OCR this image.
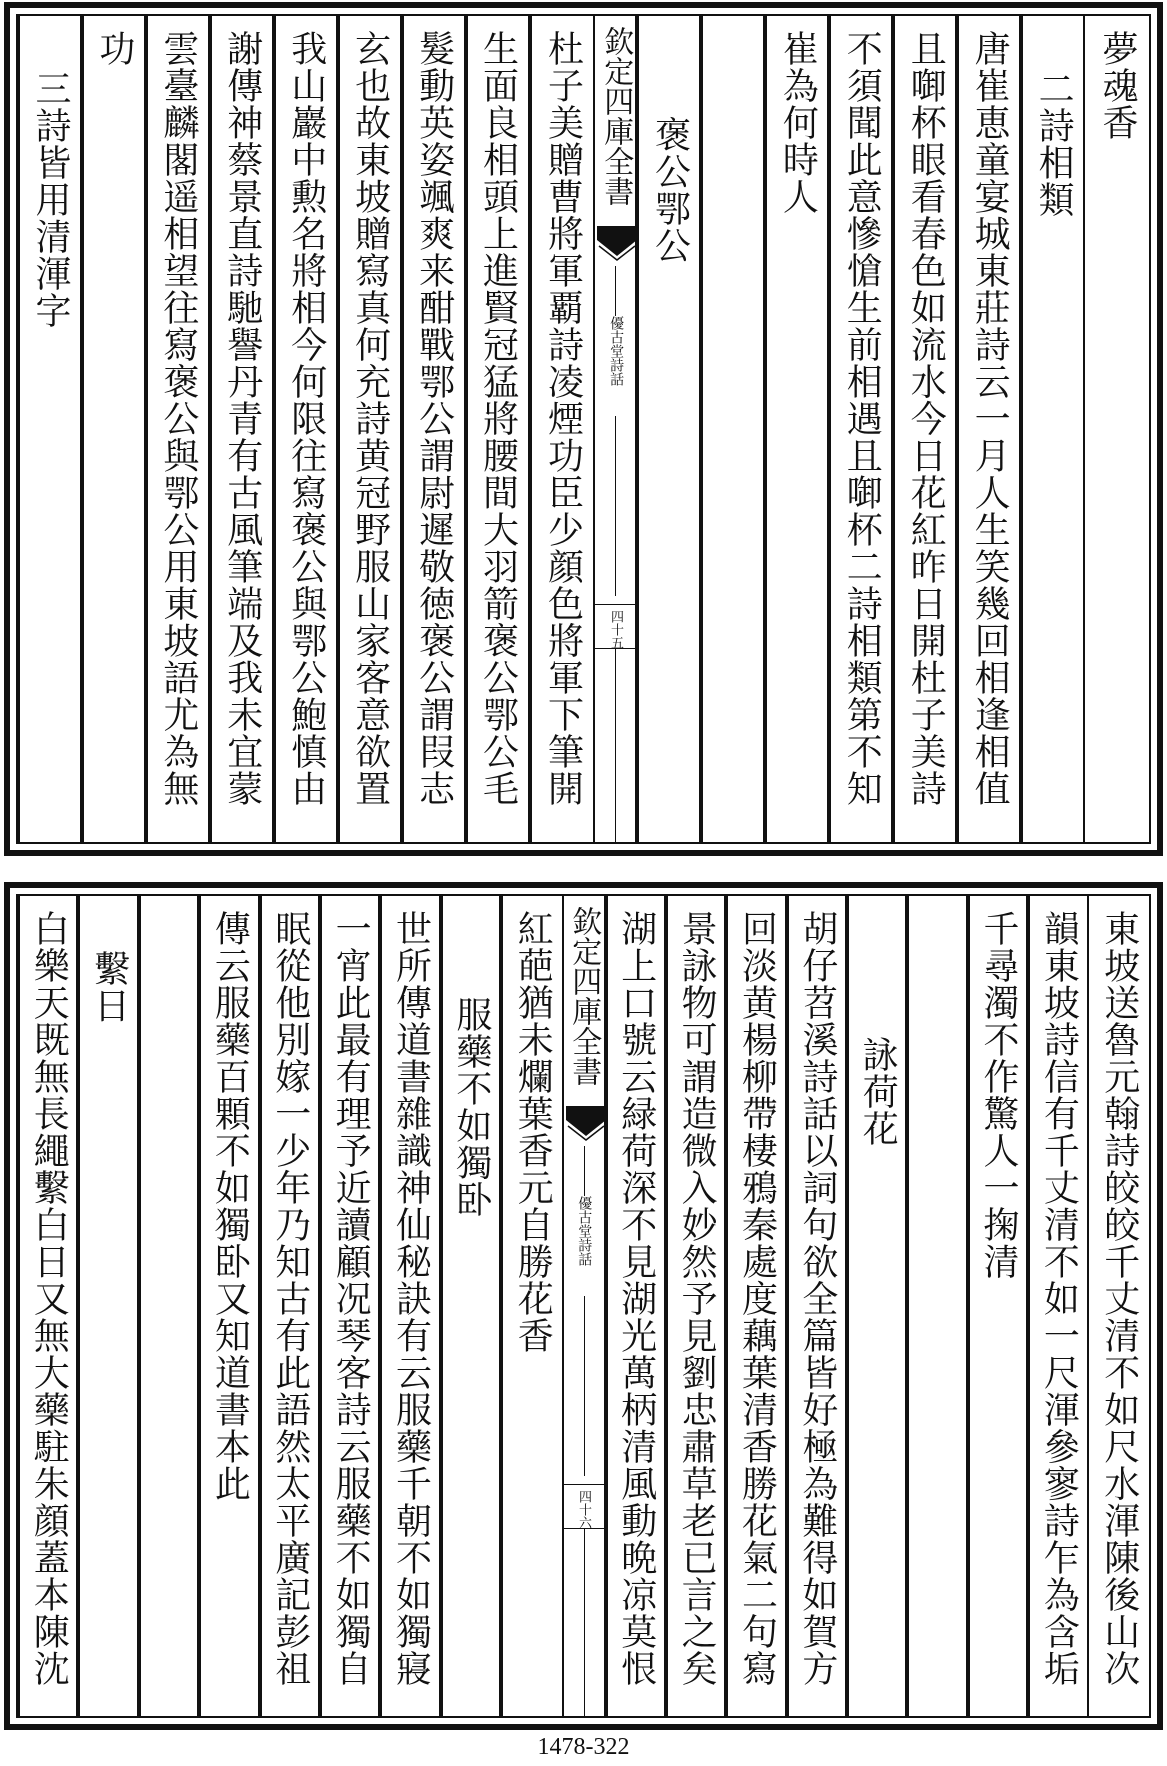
夢魂香
二詩相類
唐崔恵童宴城東莊詩云一月人生笑幾回相逢相值
且啣杯眼看春色如流水今日花紅昨日開杜子美詩
不須聞此意慘愴生前相遇且啣杯二詩相類第不知
崔為何時人
褒公鄂公
欽定四庫全書
優古堂詩話
四十五
杜子美贈曹將軍覇詩凌煙功臣少顔色將軍下筆開
生面良相頭上進賢冠猛將腰間大羽箭褒公鄂公毛
髮動英姿颯爽来酣戰鄂公謂尉遲敬徳褒公謂叚志
玄也故東坡贈寫真何充詩黄冠野服山家客意欲置
我山巖中勲名將相今何限往寫褒公與鄂公鮑慎由
謝傳神蔡景直詩馳譽丹青有古風筆端及我未宜蒙
雲臺麟閣遥相望往寫褒公與鄂公用東坡語尤為無
功
三詩皆用清渾字
東坡送魯元翰詩皎皎千丈清不如尺水渾陳後山次
韻東坡詩信有千丈清不如一尺渾參寥詩乍為含垢
千尋濁不作驚人一掬清
詠荷花
胡仔苕溪詩話以詞句欲全篇皆好極為難得如賀方
回淡黄楊柳帶棲鴉秦處度藕葉清香勝花氣二句寫
景詠物可謂造微入妙然予見劉忠肅草老已言之矣
湖上口號云緑荷深不見湖光萬柄清風動晩凉莫恨
欽定四庫全書
優古堂詩話
四十六
紅葩猶未爛葉香元自勝花香
服藥不如獨卧
世所傳道書雜識神仙秘訣有云服藥千朝不如獨寢
一宵此最有理予近讀顧况琴客詩云服藥不如獨自
眠從他別嫁一少年乃知古有此語然太平廣記彭祖
傳云服藥百顆不如獨卧又知道書本此
繫日
白樂天既無長繩繫白日又無大藥駐朱顔蓋本陳沈
1478-322
